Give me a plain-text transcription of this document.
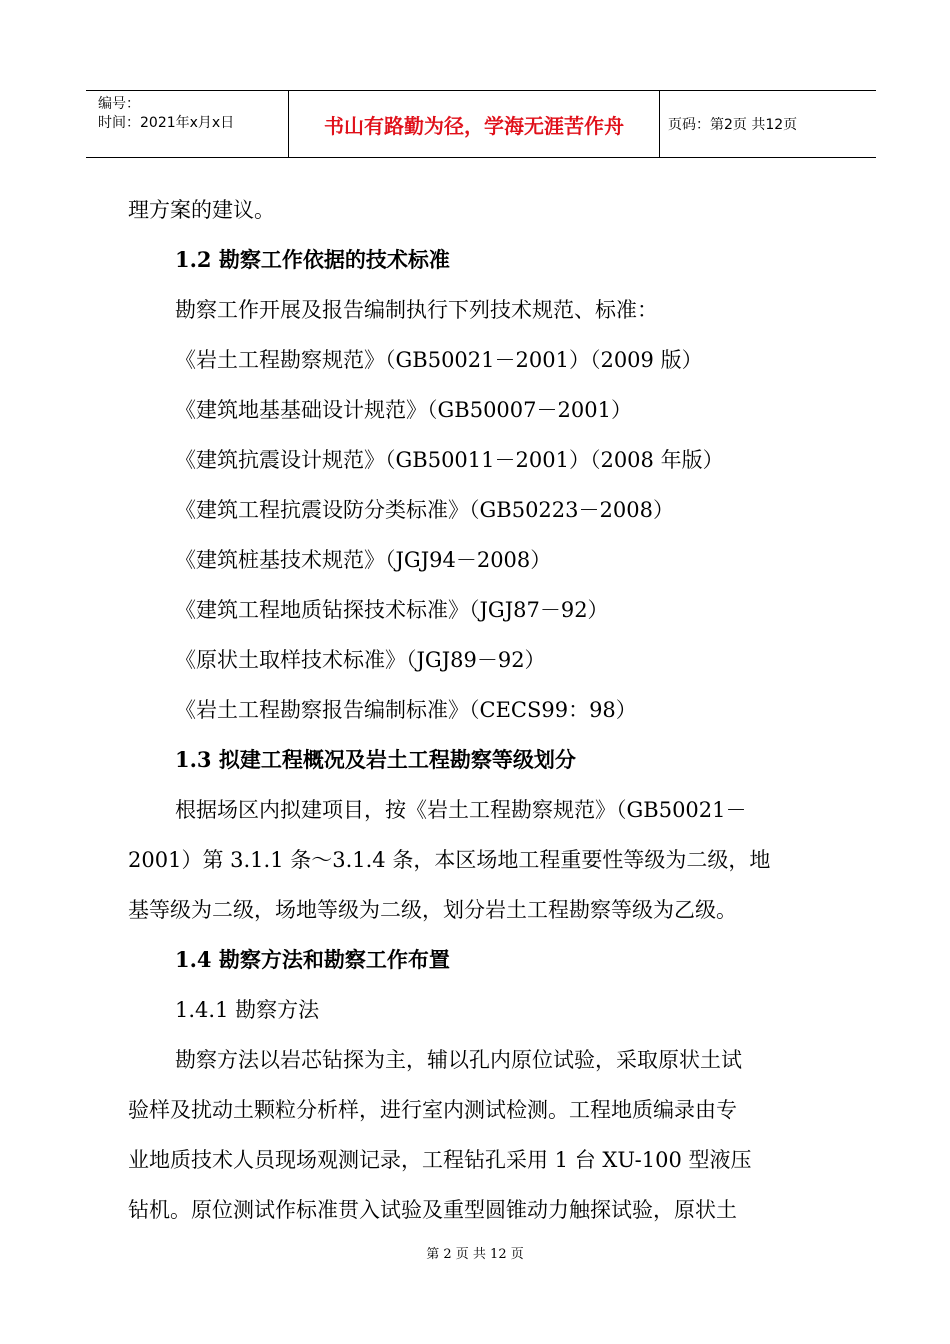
编号：
时间：2021年x月x日	书山有路勤为径，学海无涯苦作舟	页码：第2页 共12页
理方案的建议。
1.2 勘察工作依据的技术标准
勘察工作开展及报告编制执行下列技术规范、标准：
《岩土工程勘察规范》（GB50021－2001）（2009 版）
《建筑地基基础设计规范》（GB50007－2001）
《建筑抗震设计规范》（GB50011－2001）（2008 年版）
《建筑工程抗震设防分类标准》（GB50223－2008）
《建筑桩基技术规范》（JGJ94－2008）
《建筑工程地质钻探技术标准》（JGJ87－92）
《原状土取样技术标准》（JGJ89－92）
《岩土工程勘察报告编制标准》（CECS99：98）
1.3 拟建工程概况及岩土工程勘察等级划分
根据场区内拟建项目，按《岩土工程勘察规范》（GB50021－
2001）第 3.1.1 条～3.1.4 条，本区场地工程重要性等级为二级，地
基等级为二级，场地等级为二级，划分岩土工程勘察等级为乙级。
1.4 勘察方法和勘察工作布置
1.4.1 勘察方法
勘察方法以岩芯钻探为主，辅以孔内原位试验，采取原状土试
验样及扰动土颗粒分析样，进行室内测试检测。工程地质编录由专
业地质技术人员现场观测记录，工程钻孔采用 1 台 XU-100 型液压
钻机。原位测试作标准贯入试验及重型圆锥动力触探试验，原状土
第 2 页 共 12 页
